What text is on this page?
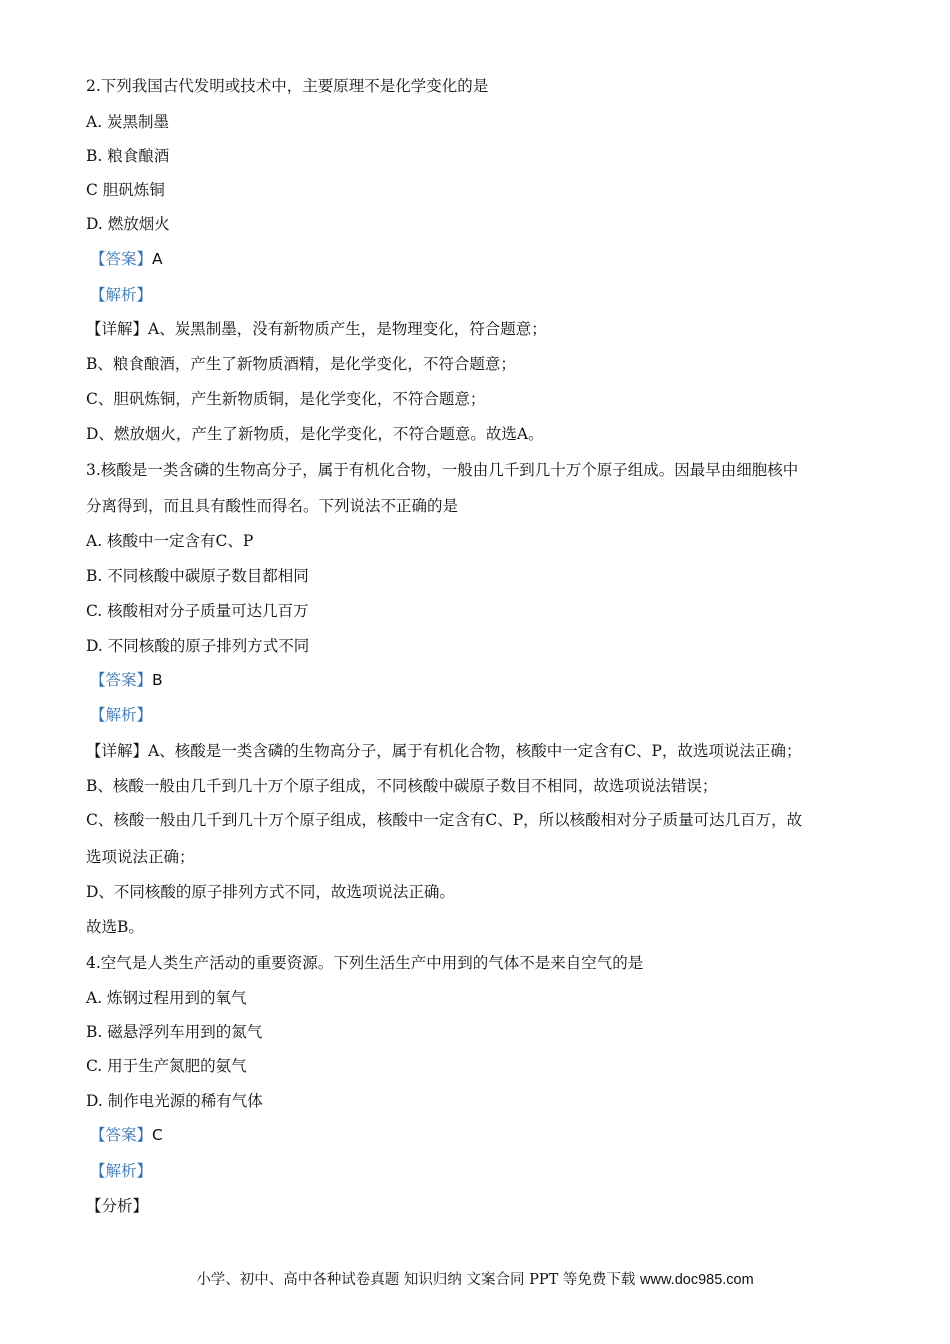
2.下列我国古代发明或技术中，主要原理不是化学变化的是
A. 炭黑制墨
B. 粮食酿酒
C 胆矾炼铜
D. 燃放烟火
【答案】A
【解析】
【详解】A、炭黑制墨，没有新物质产生，是物理变化，符合题意；
B、粮食酿酒，产生了新物质酒精，是化学变化，不符合题意；
C、胆矾炼铜，产生新物质铜，是化学变化，不符合题意；
D、燃放烟火，产生了新物质，是化学变化，不符合题意。故选A。
3.核酸是一类含磷的生物高分子，属于有机化合物，一般由几千到几十万个原子组成。因最早由细胞核中
分离得到，而且具有酸性而得名。下列说法不正确的是
A. 核酸中一定含有C、P
B. 不同核酸中碳原子数目都相同
C. 核酸相对分子质量可达几百万
D. 不同核酸的原子排列方式不同
【答案】B
【解析】
【详解】A、核酸是一类含磷的生物高分子，属于有机化合物，核酸中一定含有C、P，故选项说法正确；
B、核酸一般由几千到几十万个原子组成，不同核酸中碳原子数目不相同，故选项说法错误；
C、核酸一般由几千到几十万个原子组成，核酸中一定含有C、P，所以核酸相对分子质量可达几百万，故
选项说法正确；
D、不同核酸的原子排列方式不同，故选项说法正确。
故选B。
4.空气是人类生产活动的重要资源。下列生活生产中用到的气体不是来自空气的是
A. 炼钢过程用到的氧气
B. 磁悬浮列车用到的氮气
C. 用于生产氮肥的氨气
D. 制作电光源的稀有气体
【答案】C
【解析】
【分析】
小学、初中、高中各种试卷真题 知识归纳 文案合同 PPT 等免费下载 www.doc985.com
